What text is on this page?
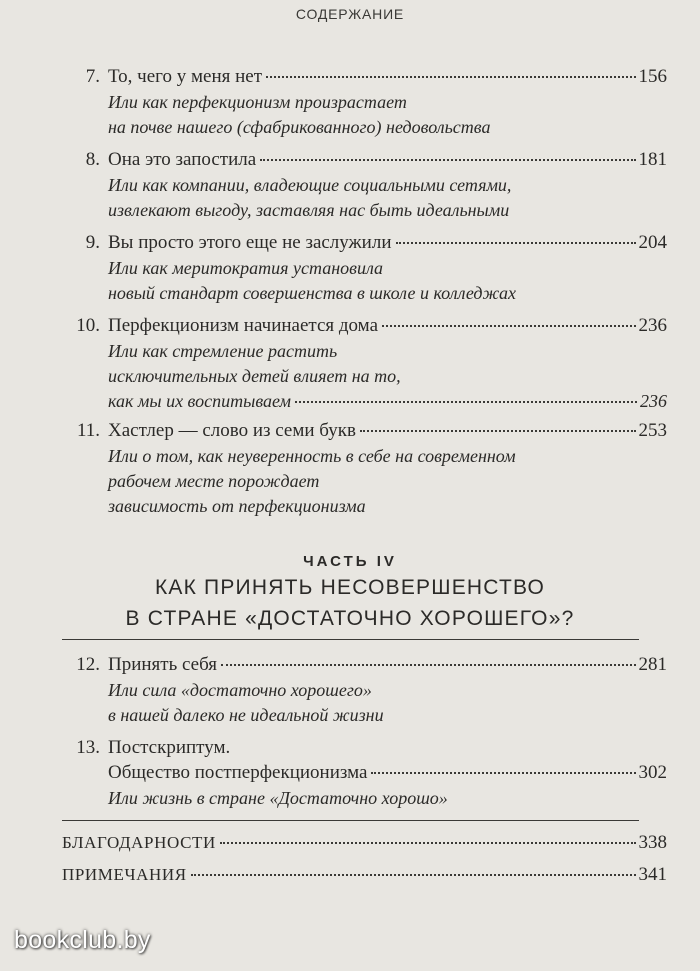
СОДЕРЖАНИЕ
7. То, чего у меня нет	156
Или как перфекционизм произрастает
на почве нашего (сфабрикованного) недовольства
8. Она это запостила	181
Или как компании, владеющие социальными сетями,
извлекают выгоду, заставляя нас быть идеальными
9. Вы просто этого еще не заслужили	204
Или как меритократия установила
новый стандарт совершенства в школе и колледжах
10. Перфекционизм начинается дома	236
Или как стремление растить
исключительных детей влияет на то,
как мы их воспитываем	236
11. Хастлер — слово из семи букв	253
Или о том, как неуверенность в себе на современном
рабочем месте порождает
зависимость от перфекционизма
ЧАСТЬ IV
КАК ПРИНЯТЬ НЕСОВЕРШЕНСТВО
В СТРАНЕ «ДОСТАТОЧНО ХОРОШЕГО»?
12. Принять себя	281
Или сила «достаточно хорошего»
в нашей далеко не идеальной жизни
13. Постскриптум.
Общество постперфекционизма	302
Или жизнь в стране «Достаточно хорошо»
БЛАГОДАРНОСТИ	338
ПРИМЕЧАНИЯ	341
bookclub.by
